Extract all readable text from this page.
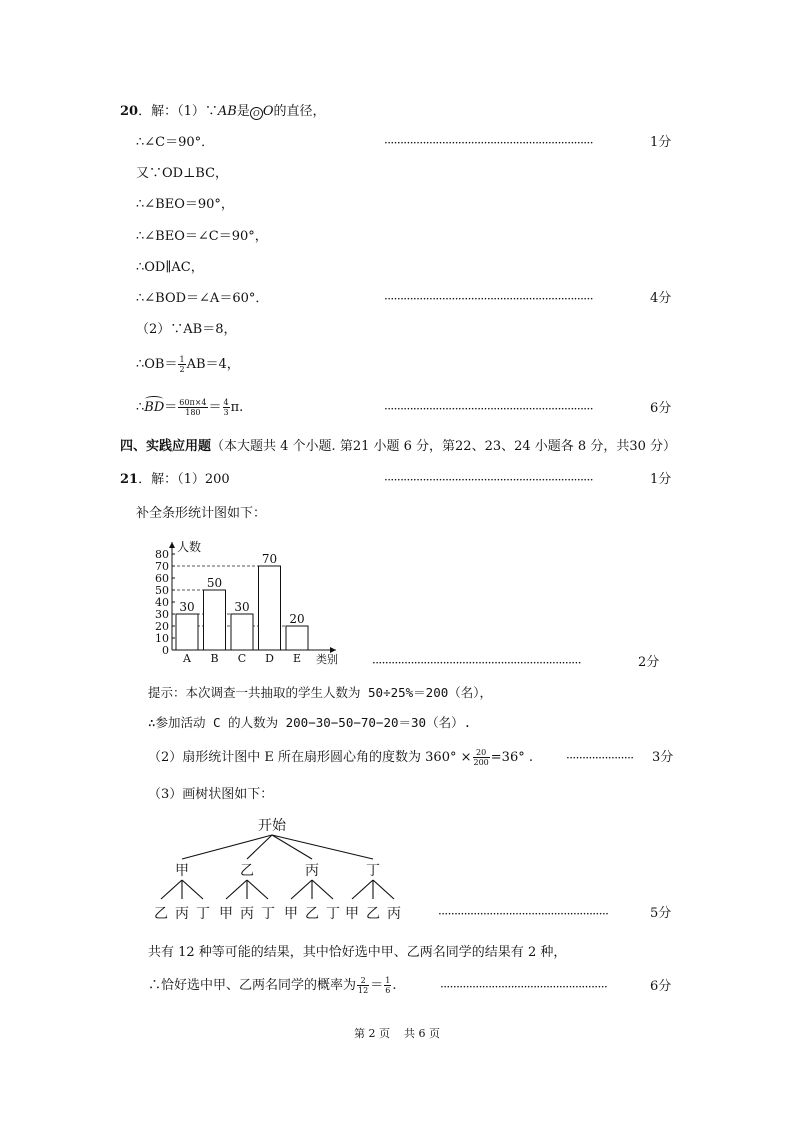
20．解：（1）∵AB是 O O的直径，
∴∠C＝90°．	·································································	1分
又∵OD⊥BC，
∴∠BEO＝90°，
∴∠BEO＝∠C＝90°，
∴OD∥AC，
∴∠BOD＝∠A＝60°．	·································································	4分
（2）∵AB＝8，
∴OB＝ $\frac{1}{2} AB=4$，
∴BD＝ $\frac{60\pi\times 4}{180} = \frac{4}{3} \pi$.	·································································	6分
四、实践应用题（本大题共 4 个小题. 第21 小题 6 分，第22、23、24 小题各 8 分，共30 分）
21．解：（1）200	·································································	1分
补全条形统计图如下：
0
10
20
30
40
50
60
70
80
人数
类别
30
A
50
B
30
C
70
D
20
E	·································································	2分
提示：本次调查一共抽取的学生人数为 50÷25%＝200（名），
∴参加活动 C 的人数为 200−30−50−70−20＝30（名）.
（2）扇形统计图中 E 所在扇形圆心角的度数为 $360^\circ \times \frac{20}{200} =36^\circ$ .	·····················	3分
（3）画树状图如下：
开始
甲
乙 丙 丁
乙
甲 丙 丁
丙
甲 乙 丁
丁
甲 乙 丙	·····················································	5分
共有 12 种等可能的结果，其中恰好选中甲、乙两名同学的结果有 2 种，
∴恰好选中甲、乙两名同学的概率为 $\frac{2}{12} = \frac{1}{6}$ .	····················································	6分
第 2 页    共 6 页
